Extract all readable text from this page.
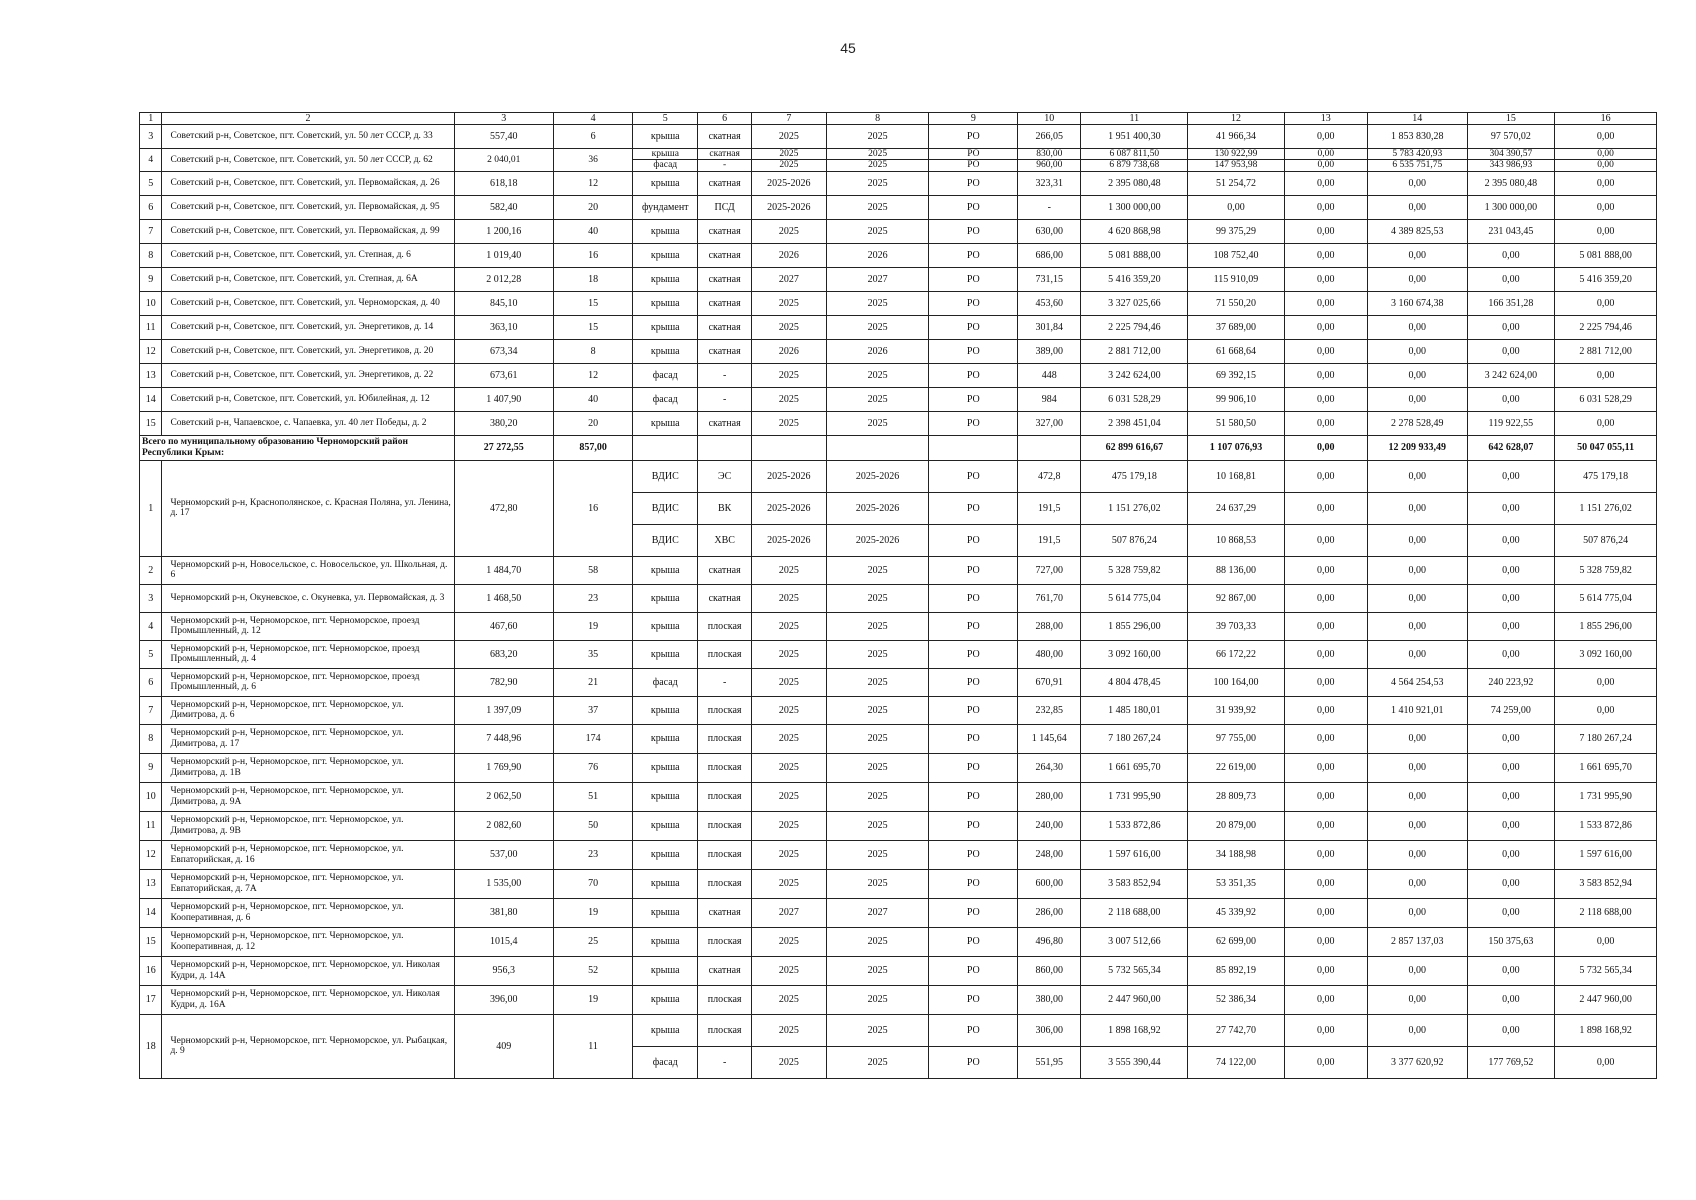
45
1	2	3	4	5	6	7	8	9	10	11	12	13	14	15	16
3	Советский р-н, Советское, пгт. Советский, ул. 50 лет СССР, д. 33	557,40	6	крыша	скатная	2025	2025	РО	266,05	1 951 400,30	41 966,34	0,00	1 853 830,28	97 570,02	0,00
4	Советский р-н, Советское, пгт. Советский, ул. 50 лет СССР, д. 62	2 040,01	36	крыша	скатная	2025	2025	РО	830,00	6 087 811,50	130 922,99	0,00	5 783 420,93	304 390,57	0,00
				фасад	-	2025	2025	РО	960,00	6 879 738,68	147 953,98	0,00	6 535 751,75	343 986,93	0,00
5	Советский р-н, Советское, пгт. Советский, ул. Первомайская, д. 26	618,18	12	крыша	скатная	2025-2026	2025	РО	323,31	2 395 080,48	51 254,72	0,00	0,00	2 395 080,48	0,00
6	Советский р-н, Советское, пгт. Советский, ул. Первомайская, д. 95	582,40	20	фундамент	ПСД	2025-2026	2025	РО	-	1 300 000,00	0,00	0,00	0,00	1 300 000,00	0,00
7	Советский р-н, Советское, пгт. Советский, ул. Первомайская, д. 99	1 200,16	40	крыша	скатная	2025	2025	РО	630,00	4 620 868,98	99 375,29	0,00	4 389 825,53	231 043,45	0,00
8	Советский р-н, Советское, пгт. Советский, ул. Степная, д. 6	1 019,40	16	крыша	скатная	2026	2026	РО	686,00	5 081 888,00	108 752,40	0,00	0,00	0,00	5 081 888,00
9	Советский р-н, Советское, пгт. Советский, ул. Степная, д. 6А	2 012,28	18	крыша	скатная	2027	2027	РО	731,15	5 416 359,20	115 910,09	0,00	0,00	0,00	5 416 359,20
10	Советский р-н, Советское, пгт. Советский, ул. Черноморская, д. 40	845,10	15	крыша	скатная	2025	2025	РО	453,60	3 327 025,66	71 550,20	0,00	3 160 674,38	166 351,28	0,00
11	Советский р-н, Советское, пгт. Советский, ул. Энергетиков, д. 14	363,10	15	крыша	скатная	2025	2025	РО	301,84	2 225 794,46	37 689,00	0,00	0,00	0,00	2 225 794,46
12	Советский р-н, Советское, пгт. Советский, ул. Энергетиков, д. 20	673,34	8	крыша	скатная	2026	2026	РО	389,00	2 881 712,00	61 668,64	0,00	0,00	0,00	2 881 712,00
13	Советский р-н, Советское, пгт. Советский, ул. Энергетиков, д. 22	673,61	12	фасад	-	2025	2025	РО	448	3 242 624,00	69 392,15	0,00	0,00	3 242 624,00	0,00
14	Советский р-н, Советское, пгт. Советский, ул. Юбилейная, д. 12	1 407,90	40	фасад	-	2025	2025	РО	984	6 031 528,29	99 906,10	0,00	0,00	0,00	6 031 528,29
15	Советский р-н, Чапаевское, с. Чапаевка, ул. 40 лет Победы, д. 2	380,20	20	крыша	скатная	2025	2025	РО	327,00	2 398 451,04	51 580,50	0,00	2 278 528,49	119 922,55	0,00
Всего по муниципальному образованию Черноморский район Республики Крым:		27 272,55	857,00							62 899 616,67	1 107 076,93	0,00	12 209 933,49	642 628,07	50 047 055,11
1	Черноморский р-н, Краснополянское, с. Красная Поляна, ул. Ленина, д. 17	472,80	16	ВДИС	ЭС	2025-2026	2025-2026	РО	472,8	475 179,18	10 168,81	0,00	0,00	0,00	475 179,18
				ВДИС	ВК	2025-2026	2025-2026	РО	191,5	1 151 276,02	24 637,29	0,00	0,00	0,00	1 151 276,02
				ВДИС	ХВС	2025-2026	2025-2026	РО	191,5	507 876,24	10 868,53	0,00	0,00	0,00	507 876,24
2	Черноморский р-н, Новосельское, с. Новосельское, ул. Школьная, д. 6	1 484,70	58	крыша	скатная	2025	2025	РО	727,00	5 328 759,82	88 136,00	0,00	0,00	0,00	5 328 759,82
3	Черноморский р-н, Окуневское, с. Окуневка, ул. Первомайская, д. 3	1 468,50	23	крыша	скатная	2025	2025	РО	761,70	5 614 775,04	92 867,00	0,00	0,00	0,00	5 614 775,04
4	Черноморский р-н, Черноморское, пгт. Черноморское, проезд Промышленный, д. 12	467,60	19	крыша	плоская	2025	2025	РО	288,00	1 855 296,00	39 703,33	0,00	0,00	0,00	1 855 296,00
5	Черноморский р-н, Черноморское, пгт. Черноморское, проезд Промышленный, д. 4	683,20	35	крыша	плоская	2025	2025	РО	480,00	3 092 160,00	66 172,22	0,00	0,00	0,00	3 092 160,00
6	Черноморский р-н, Черноморское, пгт. Черноморское, проезд Промышленный, д. 6	782,90	21	фасад	-	2025	2025	РО	670,91	4 804 478,45	100 164,00	0,00	4 564 254,53	240 223,92	0,00
7	Черноморский р-н, Черноморское, пгт. Черноморское, ул. Димитрова, д. 6	1 397,09	37	крыша	плоская	2025	2025	РО	232,85	1 485 180,01	31 939,92	0,00	1 410 921,01	74 259,00	0,00
8	Черноморский р-н, Черноморское, пгт. Черноморское, ул. Димитрова, д. 17	7 448,96	174	крыша	плоская	2025	2025	РО	1 145,64	7 180 267,24	97 755,00	0,00	0,00	0,00	7 180 267,24
9	Черноморский р-н, Черноморское, пгт. Черноморское, ул. Димитрова, д. 1В	1 769,90	76	крыша	плоская	2025	2025	РО	264,30	1 661 695,70	22 619,00	0,00	0,00	0,00	1 661 695,70
10	Черноморский р-н, Черноморское, пгт. Черноморское, ул. Димитрова, д. 9А	2 062,50	51	крыша	плоская	2025	2025	РО	280,00	1 731 995,90	28 809,73	0,00	0,00	0,00	1 731 995,90
11	Черноморский р-н, Черноморское, пгт. Черноморское, ул. Димитрова, д. 9В	2 082,60	50	крыша	плоская	2025	2025	РО	240,00	1 533 872,86	20 879,00	0,00	0,00	0,00	1 533 872,86
12	Черноморский р-н, Черноморское, пгт. Черноморское, ул. Евпаторийская, д. 16	537,00	23	крыша	плоская	2025	2025	РО	248,00	1 597 616,00	34 188,98	0,00	0,00	0,00	1 597 616,00
13	Черноморский р-н, Черноморское, пгт. Черноморское, ул. Евпаторийская, д. 7А	1 535,00	70	крыша	плоская	2025	2025	РО	600,00	3 583 852,94	53 351,35	0,00	0,00	0,00	3 583 852,94
14	Черноморский р-н, Черноморское, пгт. Черноморское, ул. Кооперативная, д. 6	381,80	19	крыша	скатная	2027	2027	РО	286,00	2 118 688,00	45 339,92	0,00	0,00	0,00	2 118 688,00
15	Черноморский р-н, Черноморское, пгт. Черноморское, ул. Кооперативная, д. 12	1015,4	25	крыша	плоская	2025	2025	РО	496,80	3 007 512,66	62 699,00	0,00	2 857 137,03	150 375,63	0,00
16	Черноморский р-н, Черноморское, пгт. Черноморское, ул. Николая Кудри, д. 14А	956,3	52	крыша	скатная	2025	2025	РО	860,00	5 732 565,34	85 892,19	0,00	0,00	0,00	5 732 565,34
17	Черноморский р-н, Черноморское, пгт. Черноморское, ул. Николая Кудри, д. 16А	396,00	19	крыша	плоская	2025	2025	РО	380,00	2 447 960,00	52 386,34	0,00	0,00	0,00	2 447 960,00
18	Черноморский р-н, Черноморское, пгт. Черноморское, ул. Рыбацкая, д. 9	409	11	крыша	плоская	2025	2025	РО	306,00	1 898 168,92	27 742,70	0,00	0,00	0,00	1 898 168,92
				фасад	-	2025	2025	РО	551,95	3 555 390,44	74 122,00	0,00	3 377 620,92	177 769,52	0,00
